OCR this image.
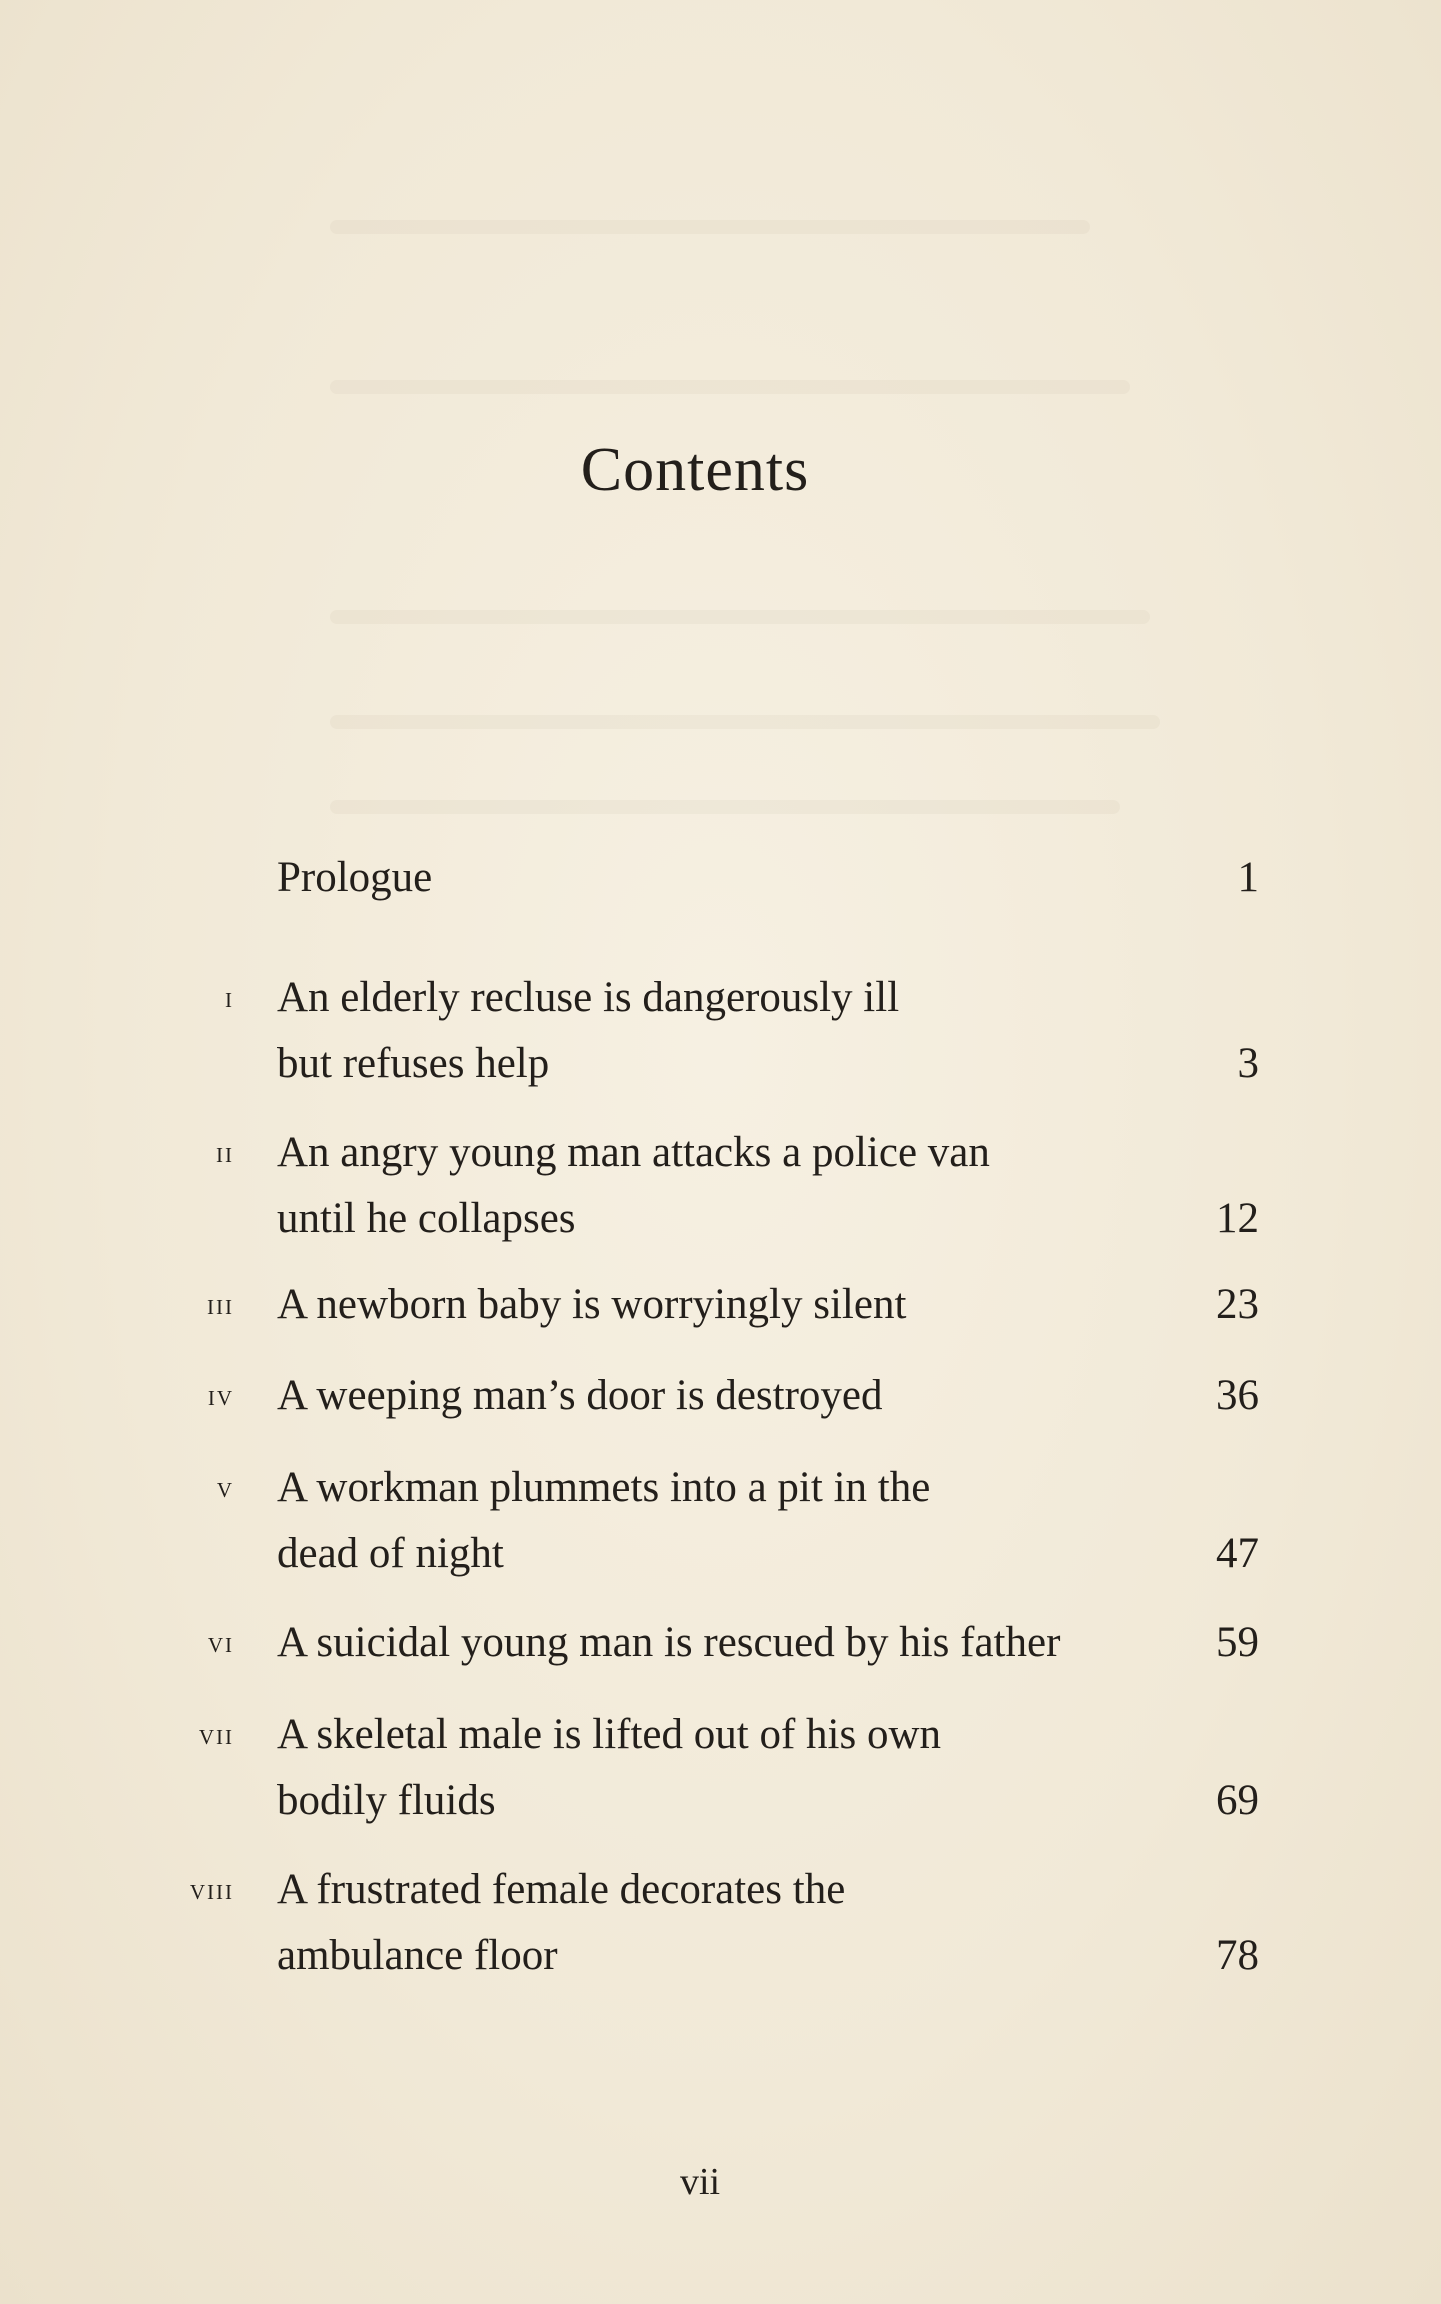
Contents
Prologue	1
i An elderly recluse is dangerously ill
but refuses help	3
ii An angry young man attacks a police van
until he collapses	12
iii A newborn baby is worryingly silent	23
iv A weeping man’s door is destroyed	36
v A workman plummets into a pit in the
dead of night	47
vi A suicidal young man is rescued by his father	59
vii A skeletal male is lifted out of his own
bodily fluids	69
viii A frustrated female decorates the
ambulance floor	78
vii
